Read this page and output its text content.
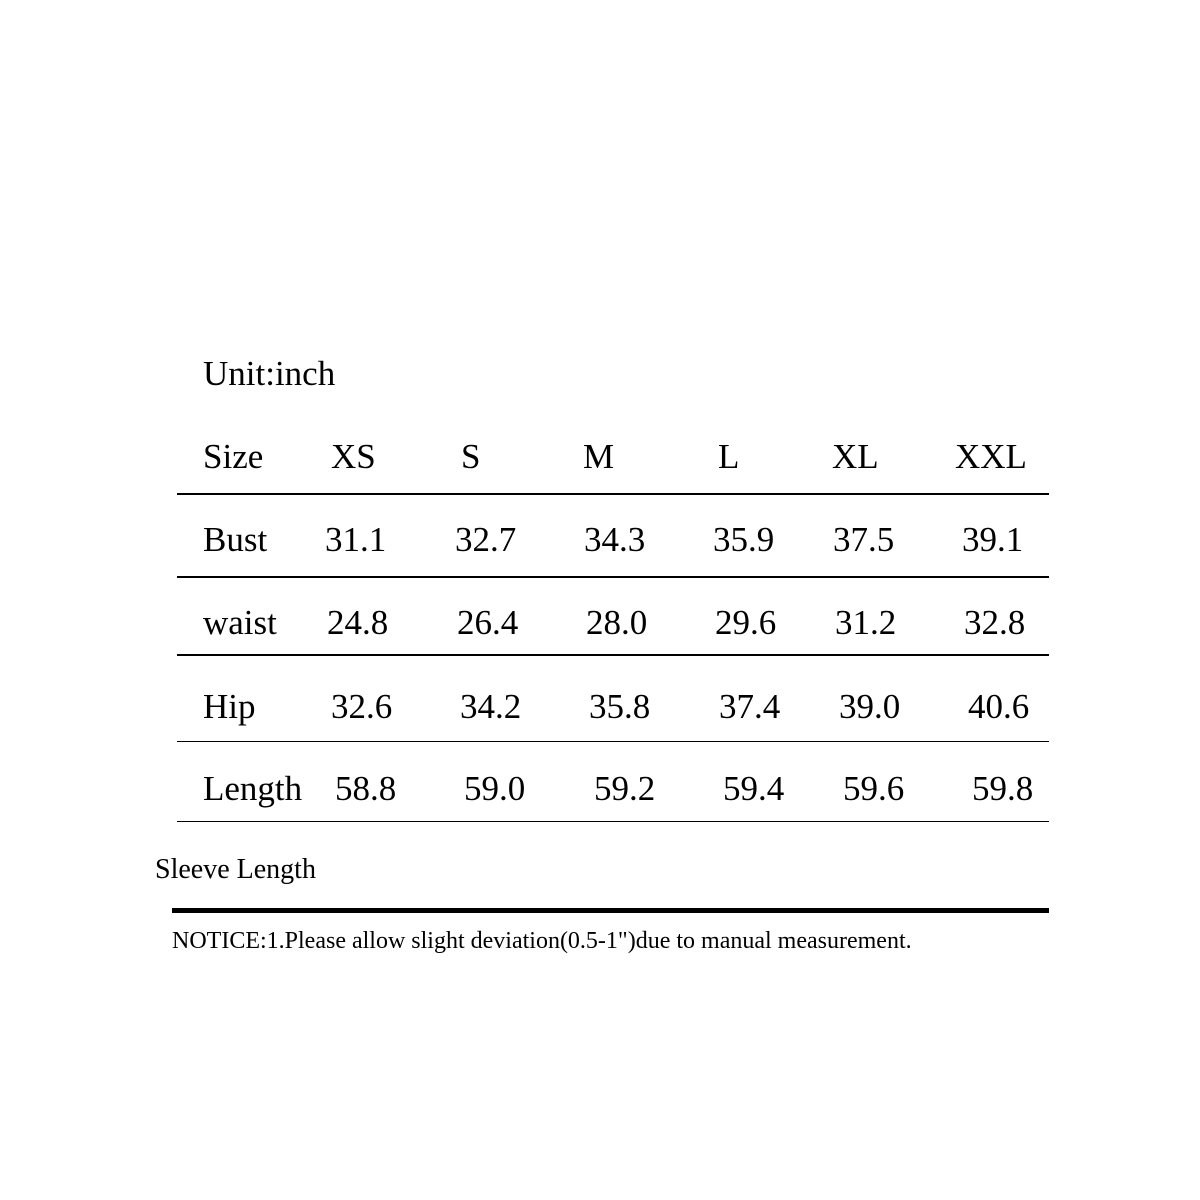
Unit:inch
Size XS S	M	L	XL XXL
Bust 31.1 32.7 34.3 35.9 37.5 39.1
waist 24.8 26.4 28.0 29.6 31.2 32.8
Hip 32.6 34.2 35.8 37.4 39.0 40.6
Length 58.8 59.0 59.2 59.4 59.6 59.8
Sleeve Length
NOTICE:1.Please allow slight deviation(0.5-1")due to manual measurement.
